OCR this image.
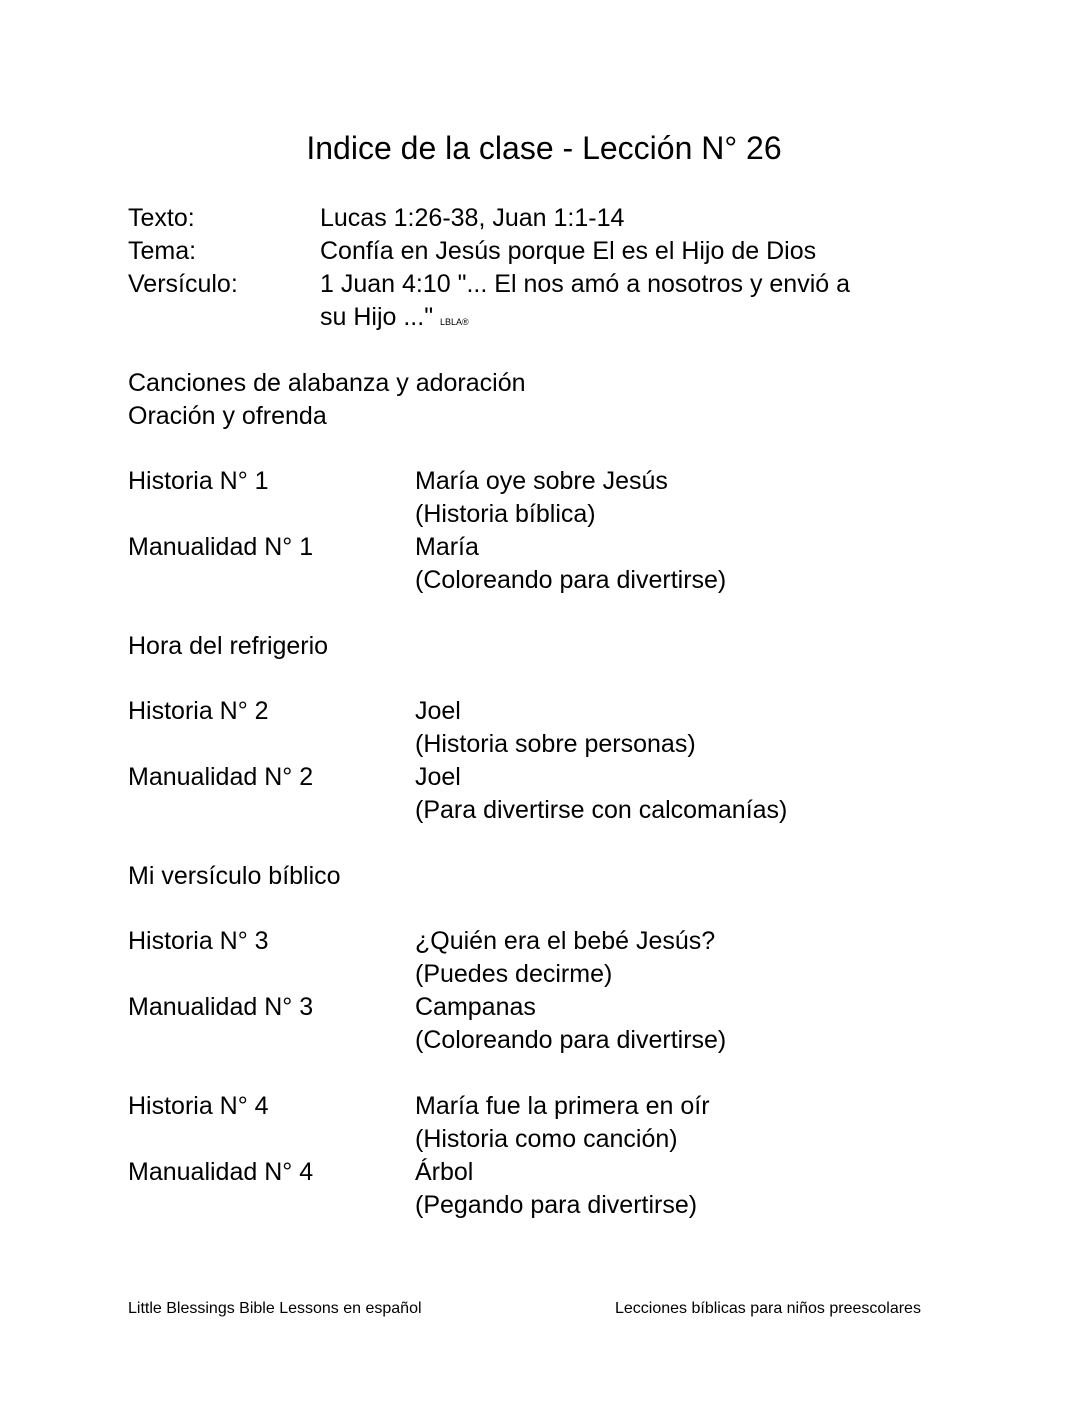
Indice de la clase - Lección N° 26
Texto:	Lucas 1:26-38, Juan 1:1-14
Tema:	Confía en Jesús porque El es el Hijo de Dios
Versículo:	1 Juan 4:10 "... El nos amó a nosotros y envió a
su Hijo ..." LBLA®
Canciones de alabanza y adoración
Oración y ofrenda
Historia N° 1	María oye sobre Jesús
(Historia bíblica)
Manualidad N° 1	María
(Coloreando para divertirse)
Hora del refrigerio
Historia N° 2	Joel
(Historia sobre personas)
Manualidad N° 2	Joel
(Para divertirse con calcomanías)
Mi versículo bíblico
Historia N° 3	¿Quién era el bebé Jesús?
(Puedes decirme)
Manualidad N° 3	Campanas
(Coloreando para divertirse)
Historia N° 4	María fue la primera en oír
(Historia como canción)
Manualidad N° 4	Árbol
(Pegando para divertirse)
Little Blessings Bible Lessons en español	Lecciones bíblicas para niños preescolares
